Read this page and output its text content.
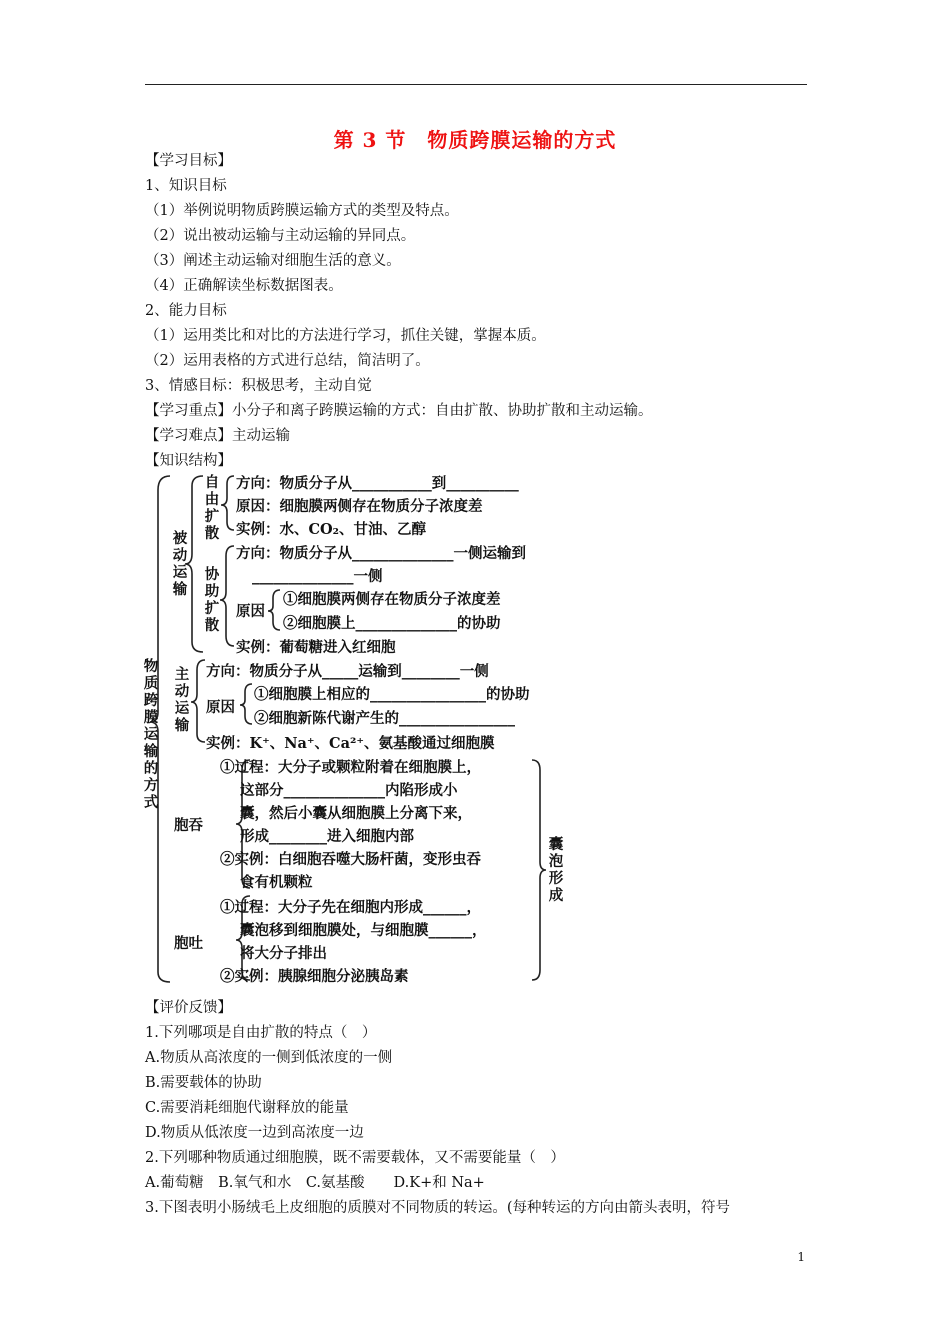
第 3 节　物质跨膜运输的方式
【学习目标】
1、知识目标
（1）举例说明物质跨膜运输方式的类型及特点。
（2）说出被动运输与主动运输的异同点。
（3）阐述主动运输对细胞生活的意义。
（4）正确解读坐标数据图表。
2、能力目标
（1）运用类比和对比的方法进行学习，抓住关键，掌握本质。
（2）运用表格的方式进行总结，简洁明了。
3、情感目标：积极思考，主动自觉
【学习重点】小分子和离子跨膜运输的方式：自由扩散、协助扩散和主动运输。
【学习难点】主动运输
【知识结构】
物质跨膜运输的方式
被动运输
自由扩散
方向：物质分子从___________到__________
原因：细胞膜两侧存在物质分子浓度差
实例：水、CO₂、甘油、乙醇
协助扩散
方向：物质分子从______________一侧运输到
______________一侧
原因
①细胞膜两侧存在物质分子浓度差
②细胞膜上______________的协助
实例：葡萄糖进入红细胞
主动运输
方向：物质分子从_____运输到________一侧
原因
①细胞膜上相应的________________的协助
②细胞新陈代谢产生的________________
实例：K⁺、Na⁺、Ca²⁺、氨基酸通过细胞膜
胞吞
①过程：大分子或颗粒附着在细胞膜上，
这部分______________内陷形成小
囊，然后小囊从细胞膜上分离下来，
形成________进入细胞内部
②实例：白细胞吞噬大肠杆菌，变形虫吞
食有机颗粒
囊泡形成
胞吐
①过程：大分子先在细胞内形成______，
囊泡移到细胞膜处，与细胞膜______，
将大分子排出
②实例：胰腺细胞分泌胰岛素
【评价反馈】
1.下列哪项是自由扩散的特点（　）
A.物质从高浓度的一侧到低浓度的一侧
B.需要载体的协助
C.需要消耗细胞代谢释放的能量
D.物质从低浓度一边到高浓度一边
2.下列哪种物质通过细胞膜，既不需要载体，又不需要能量（　）
A.葡萄糖　B.氧气和水　C.氨基酸　　D.K+和 Na+
3.下图表明小肠绒毛上皮细胞的质膜对不同物质的转运。(每种转运的方向由箭头表明，符号
1
